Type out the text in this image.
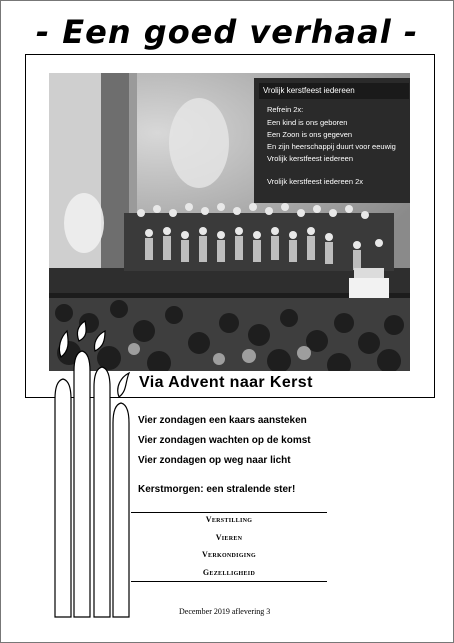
- Een goed verhaal -
Vrolijk kerstfeest iedereen
Refrein 2x:
Een kind is ons geboren
Een Zoon is ons gegeven
En zijn heerschappij duurt voor eeuwig
Vrolijk kerstfeest iedereen
Vrolijk kerstfeest iedereen 2x
Via Advent naar Kerst
Vier zondagen een kaars aansteken
Vier zondagen wachten op de komst
Vier zondagen op weg naar licht
Kerstmorgen: een stralende ster!
Verstilling
Vieren
Verkondiging
Gezelligheid
December 2019 aflevering 3
